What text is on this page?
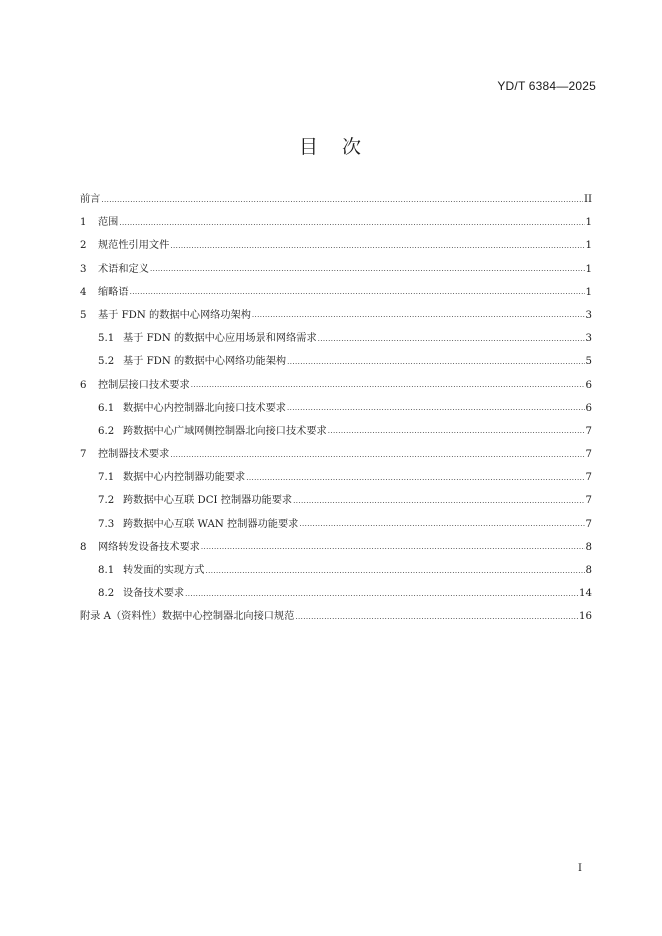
YD/T 6384—2025
目 次
前言 .....	II
1	范围 .....	1
2	规范性引用文件 .....	1
3	术语和定义 .....	1
4	缩略语 .....	1
5	基于 FDN 的数据中心网络功架构 .....	3
5.1 基于 FDN 的数据中心应用场景和网络需求 .....	3
5.2 基于 FDN 的数据中心网络功能架构 .....	5
6	控制层接口技术要求 .....	6
6.1 数据中心内控制器北向接口技术要求 .....	6
6.2 跨数据中心广域网侧控制器北向接口技术要求 .....	7
7	控制器技术要求 .....	7
7.1 数据中心内控制器功能要求 .....	7
7.2 跨数据中心互联 DCI 控制器功能要求 .....	7
7.3 跨数据中心互联 WAN 控制器功能要求 .....	7
8	网络转发设备技术要求 .....	8
8.1 转发面的实现方式 .....	8
8.2 设备技术要求 .....	14
附录 A（资料性）数据中心控制器北向接口规范 .....	16
I
